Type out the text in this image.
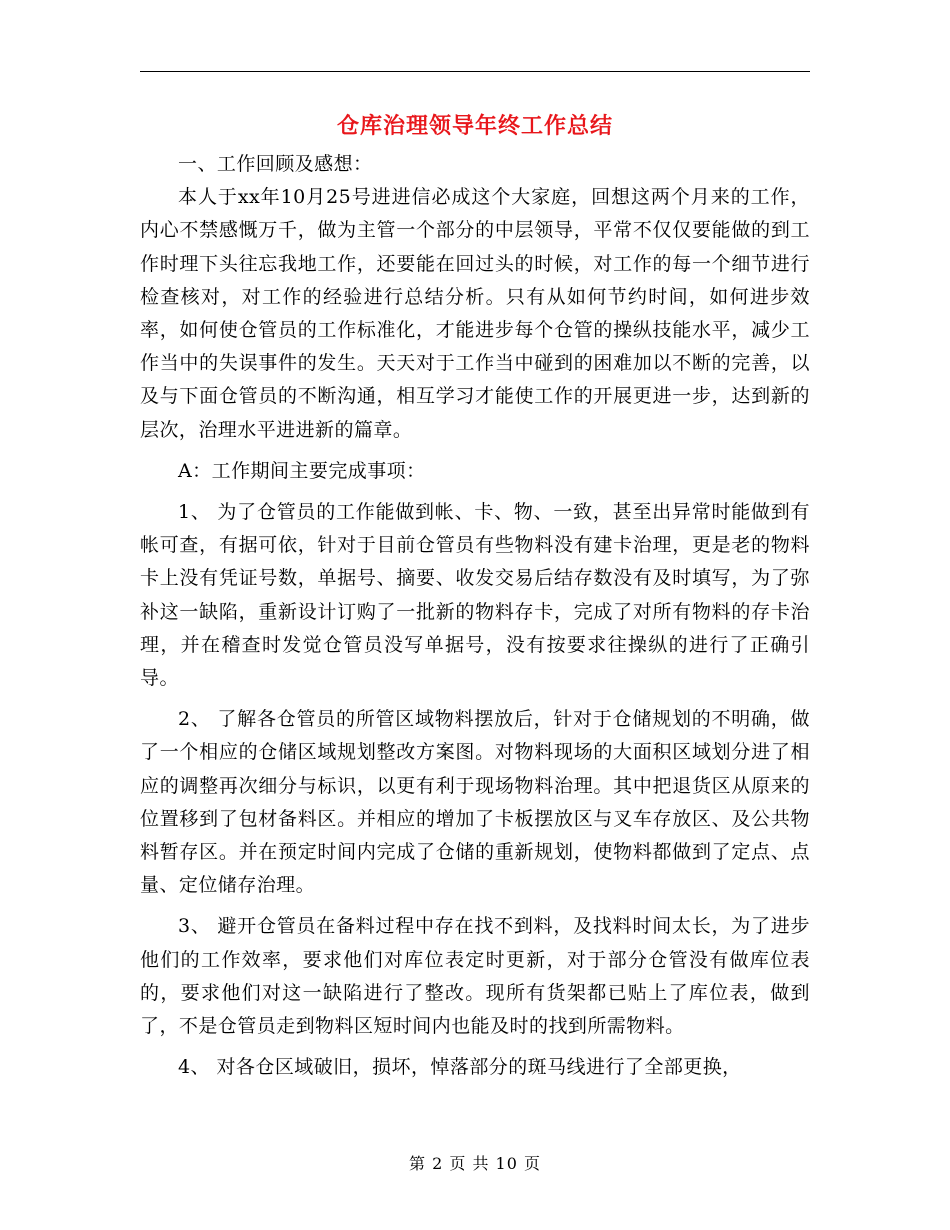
仓库治理领导年终工作总结

一、工作回顾及感想：

本人于xx年10月25号进进信必成这个大家庭，回想这两个月来的工作，内心不禁感慨万千，做为主管一个部分的中层领导，平常不仅仅要能做的到工作时理下头往忘我地工作，还要能在回过头的时候，对工作的每一个细节进行检查核对，对工作的经验进行总结分析。只有从如何节约时间，如何进步效率，如何使仓管员的工作标准化，才能进步每个仓管的操纵技能水平，减少工作当中的失误事件的发生。天天对于工作当中碰到的困难加以不断的完善，以及与下面仓管员的不断沟通，相互学习才能使工作的开展更进一步，达到新的层次，治理水平进进新的篇章。

A：工作期间主要完成事项：

1、 为了仓管员的工作能做到帐、卡、物、一致，甚至出异常时能做到有帐可查，有据可依，针对于目前仓管员有些物料没有建卡治理，更是老的物料卡上没有凭证号数，单据号、摘要、收发交易后结存数没有及时填写，为了弥补这一缺陷，重新设计订购了一批新的物料存卡，完成了对所有物料的存卡治理，并在稽查时发觉仓管员没写单据号，没有按要求往操纵的进行了正确引导。

2、 了解各仓管员的所管区域物料摆放后，针对于仓储规划的不明确，做了一个相应的仓储区域规划整改方案图。对物料现场的大面积区域划分进了相应的调整再次细分与标识，以更有利于现场物料治理。其中把退货区从原来的位置移到了包材备料区。并相应的增加了卡板摆放区与叉车存放区、及公共物料暂存区。并在预定时间内完成了仓储的重新规划，使物料都做到了定点、点量、定位储存治理。

3、 避开仓管员在备料过程中存在找不到料，及找料时间太长，为了进步他们的工作效率，要求他们对库位表定时更新，对于部分仓管没有做库位表的，要求他们对这一缺陷进行了整改。现所有货架都已贴上了库位表，做到了，不是仓管员走到物料区短时间内也能及时的找到所需物料。

4、 对各仓区域破旧，损坏，悼落部分的斑马线进行了全部更换，

第 2 页 共 10 页
